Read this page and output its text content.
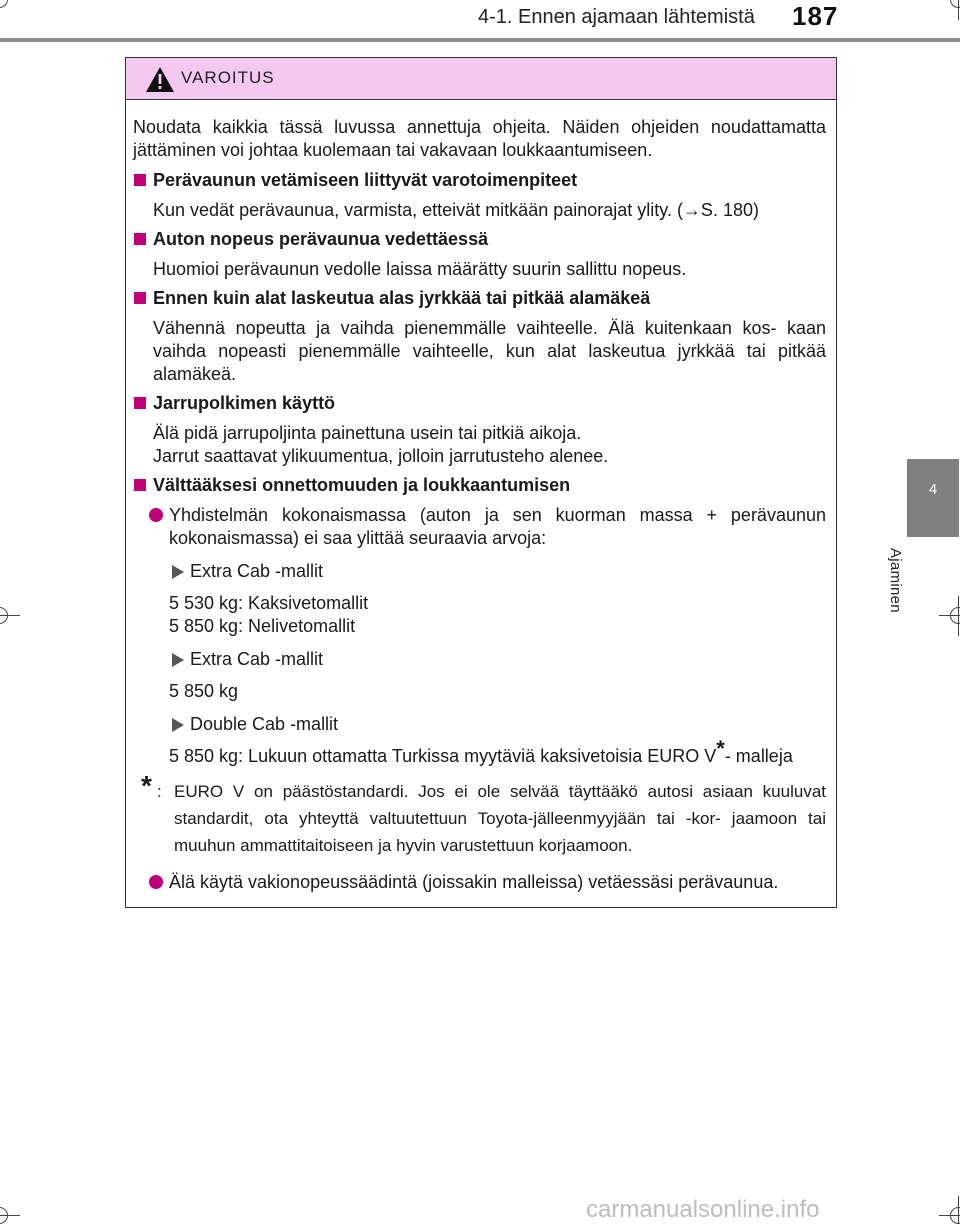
4-1. Ennen ajamaan lähtemistä 187
4
Ajaminen
VAROITUS

Noudata kaikkia tässä luvussa annettuja ohjeita. Näiden ohjeiden noudattamatta jättäminen voi johtaa kuolemaan tai vakavaan loukkaantumiseen.

Perävaunun vetämiseen liittyvät varotoimenpiteet

Kun vedät perävaunua, varmista, etteivät mitkään painorajat ylity. (→S. 180)

Auton nopeus perävaunua vedettäessä

Huomioi perävaunun vedolle laissa määrätty suurin sallittu nopeus.

Ennen kuin alat laskeutua alas jyrkkää tai pitkää alamäkeä

Vähennä nopeutta ja vaihda pienemmälle vaihteelle. Älä kuitenkaan kos- kaan vaihda nopeasti pienemmälle vaihteelle, kun alat laskeutua jyrkkää tai pitkää alamäkeä.

Jarrupolkimen käyttö

Älä pidä jarrupoljinta painettuna usein tai pitkiä aikoja.

Jarrut saattavat ylikuumentua, jolloin jarrutusteho alenee.

Välttääksesi onnettomuuden ja loukkaantumisen
Yhdistelmän kokonaismassa (auton ja sen kuorman massa + perävaunun kokonaismassa) ei saa ylittää seuraavia arvoja:
Extra Cab -mallit

5 530 kg: Kaksivetomallit

5 850 kg: Nelivetomallit

Extra Cab -mallit

5 850 kg

Double Cab -mallit

5 850 kg: Lukuun ottamatta Turkissa myytäviä kaksivetoisia EURO V*- malleja

* : EURO V on päästöstandardi. Jos ei ole selvää täyttääkö autosi asiaan kuuluvat standardit, ota yhteyttä valtuutettuun Toyota-jälleenmyyjään tai -kor- jaamoon tai muuhun ammattitaitoiseen ja hyvin varustettuun korjaamoon.
Älä käytä vakionopeussäädintä (joissakin malleissa) vetäessäsi perävaunua.
carmanualsonline.info
